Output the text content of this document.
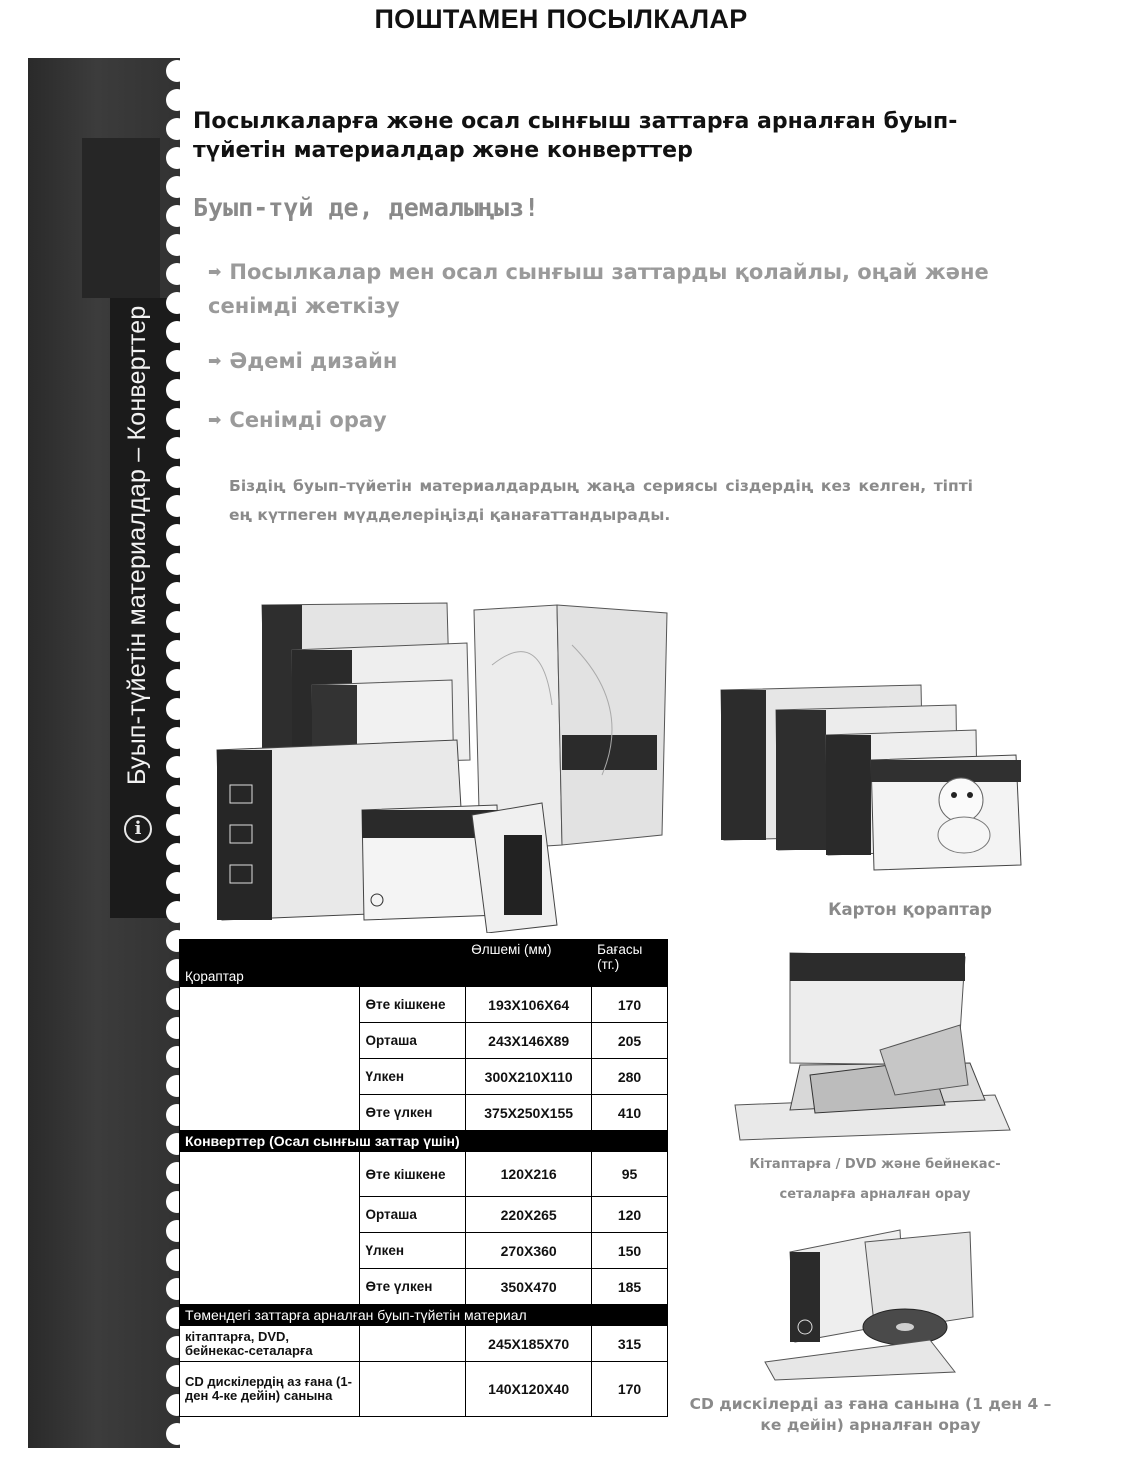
ПОШТАМЕН ПОСЫЛКАЛАР
Буып-түйетін материалдар – Конверттер
i
Посылкаларға және осал сынғыш заттарға арналған буып-түйетін материалдар және конверттер
Буып-түй де, демалыңыз!
➡ Посылкалар мен осал сынғыш заттарды қолайлы, оңай және сенімді жеткізу
➡ Әдемі дизайн
➡ Сенімді орау
Біздің буып–түйетін материалдардың жаңа сериясы сіздердің кез келген, тіпті ең күтпеген мүдделеріңізді қанағаттандырады.
Картон қораптар
Кітаптарға / DVD және бейнекас-
сеталарға арналған орау
CD дискілерді аз ғана санына (1 ден 4 – ке дейін) арналған орау
Қораптар		Өлшемі (мм)	Бағасы (тг.)
	Өте кішкене	193X106X64	170
	Орташа	243X146X89	205
	Үлкен	300X210X110	280
	Өте үлкен	375X250X155	410
Конверттер (Осал сынғыш заттар үшін)			
	Өте кішкене	120X216	95
	Орташа	220X265	120
	Үлкен	270X360	150
	Өте үлкен	350X470	185
Төмендегі заттарға арналған буып-түйетін материал			
кітаптарға, DVD, бейнекас-сеталарға		245X185X70	315
CD дискілердің аз ғана (1-ден 4-ке дейін) санына		140X120X40	170
